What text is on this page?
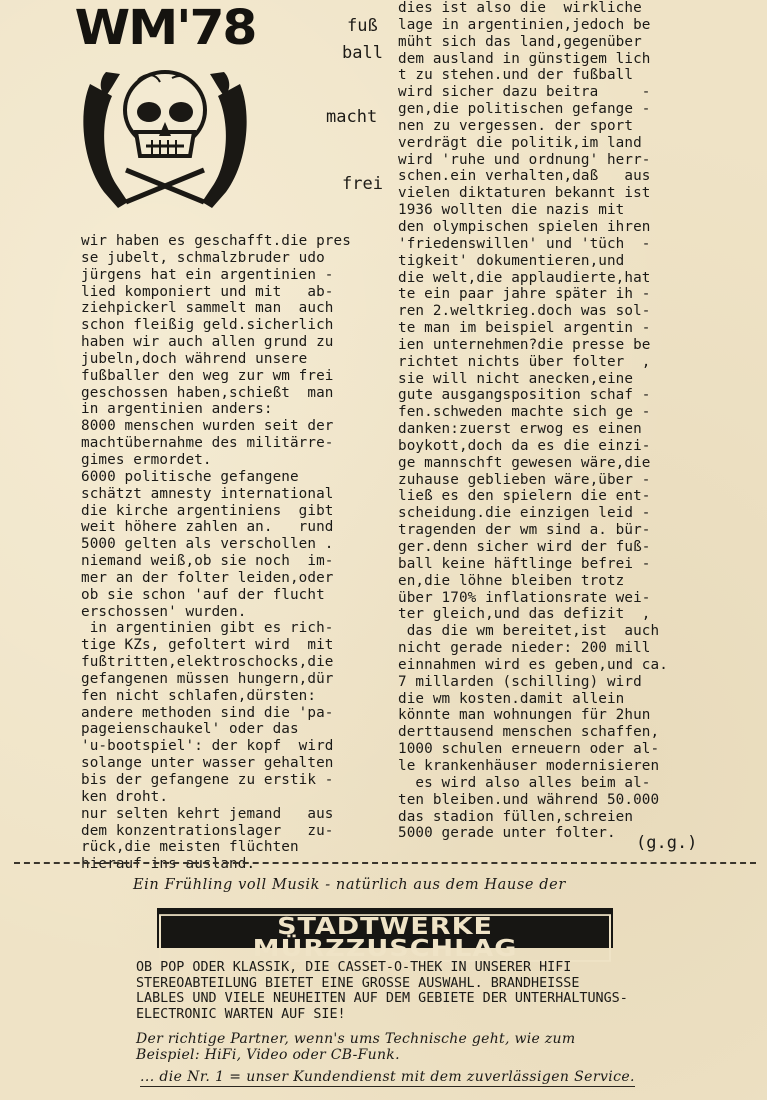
WM'78	fuß
ball
macht
frei
wir haben es geschafft.die pres
se jubelt, schmalzbruder udo
jürgens hat ein argentinien -
lied komponiert und mit   ab-
ziehpickerl sammelt man  auch
schon fleißig geld.sicherlich
haben wir auch allen grund zu
jubeln,doch während unsere
fußballer den weg zur wm frei
geschossen haben,schießt  man
in argentinien anders:
8000 menschen wurden seit der
machtübernahme des militärre-
gimes ermordet.
6000 politische gefangene
schätzt amnesty international
die kirche argentiniens  gibt
weit höhere zahlen an.   rund
5000 gelten als verschollen .
niemand weiß,ob sie noch  im-
mer an der folter leiden,oder
ob sie schon 'auf der flucht
erschossen' wurden.
in argentinien gibt es rich-
tige KZs, gefoltert wird  mit
fußtritten,elektroschocks,die
gefangenen müssen hungern,dür
fen nicht schlafen,dürsten:
andere methoden sind die 'pa-
pageienschaukel' oder das
'u-bootspiel': der kopf  wird
solange unter wasser gehalten
bis der gefangene zu erstik -
ken droht.
nur selten kehrt jemand   aus
dem konzentrationslager   zu-
rück,die meisten flüchten
hierauf ins ausland.
dies ist also die  wirkliche
lage in argentinien,jedoch be
müht sich das land,gegenüber
dem ausland in günstigem lich
t zu stehen.und der fußball
wird sicher dazu beitra     -
gen,die politischen gefange -
nen zu vergessen. der sport
verdrägt die politik,im land
wird 'ruhe und ordnung' herr-
schen.ein verhalten,daß   aus
vielen diktaturen bekannt ist
1936 wollten die nazis mit
den olympischen spielen ihren
'friedenswillen' und 'tüch  -
tigkeit' dokumentieren,und
die welt,die applaudierte,hat
te ein paar jahre später ih -
ren 2.weltkrieg.doch was sol-
te man im beispiel argentin -
ien unternehmen?die presse be
richtet nichts über folter  ,
sie will nicht anecken,eine
gute ausgangsposition schaf -
fen.schweden machte sich ge -
danken:zuerst erwog es einen
boykott,doch da es die einzi-
ge mannschft gewesen wäre,die
zuhause geblieben wäre,über -
ließ es den spielern die ent-
scheidung.die einzigen leid -
tragenden der wm sind a. bür-
ger.denn sicher wird der fuß-
ball keine häftlinge befrei -
en,die löhne bleiben trotz
über 170% inflationsrate wei-
ter gleich,und das defizit  ,
das die wm bereitet,ist  auch
nicht gerade nieder: 200 mill
einnahmen wird es geben,und ca.
7 millarden (schilling) wird
die wm kosten.damit allein
könnte man wohnungen für 2hun
derttausend menschen schaffen,
1000 schulen erneuern oder al-
le krankenhäuser modernisieren
es wird also alles beim al-
ten bleiben.und während 50.000
das stadion füllen,schreien
5000 gerade unter folter.	(g.g.)
Ein Frühling voll Musik - natürlich aus dem Hause der
STADTWERKE MÜRZZUSCHLAG
OB POP ODER KLASSIK, DIE CASSET-O-THEK IN UNSERER HIFI
STEREOABTEILUNG BIETET EINE GROSSE AUSWAHL. BRANDHEISSE
LABLES UND VIELE NEUHEITEN AUF DEM GEBIETE DER UNTERHALTUNGS-
ELECTRONIC WARTEN AUF SIE!
Der richtige Partner, wenn's ums Technische geht, wie zum
Beispiel: HiFi, Video oder CB-Funk.
... die Nr. 1 = unser Kundendienst mit dem zuverlässigen Service.
